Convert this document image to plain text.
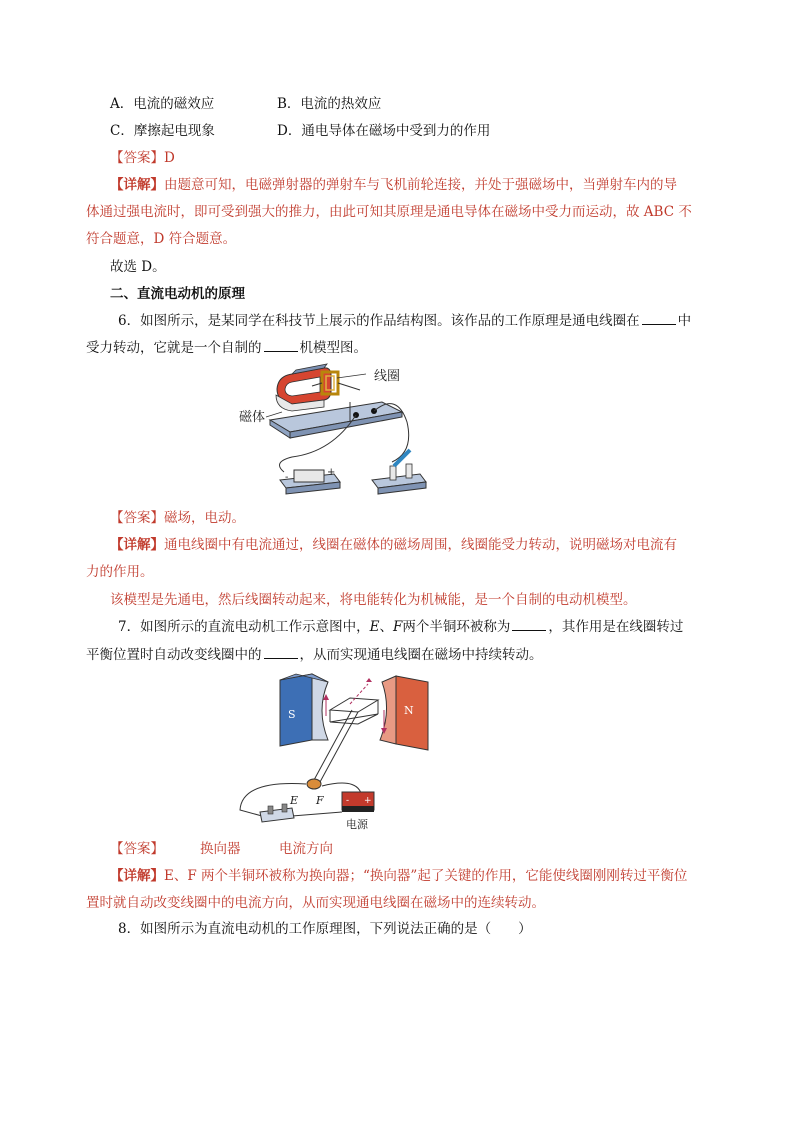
A．电流的磁效应	B．电流的热效应
C．摩擦起电现象	D．通电导体在磁场中受到力的作用
【答案】D
【详解】由题意可知，电磁弹射器的弹射车与飞机前轮连接，并处于强磁场中，当弹射车内的导
体通过强电流时，即可受到强大的推力，由此可知其原理是通电导体在磁场中受力而运动，故 ABC 不
符合题意，D 符合题意。
故选 D。
二、直流电动机的原理
6．如图所示，是某同学在科技节上展示的作品结构图。该作品的工作原理是通电线圈在	中
受力转动，它就是一个自制的	机模型图。
线圈
磁体
-	+
【答案】磁场，电动。
【详解】通电线圈中有电流通过，线圈在磁体的磁场周围，线圈能受力转动，说明磁场对电流有
力的作用。
该模型是先通电，然后线圈转动起来，将电能转化为机械能，是一个自制的电动机模型。
7．如图所示的直流电动机工作示意图中，E、F两个半铜环被称为	，其作用是在线圈转过
平衡位置时自动改变线圈中的	，从而实现通电线圈在磁场中持续转动。
S	N
E F - +
电源
【答案】	换向器	电流方向
【详解】E、F 两个半铜环被称为换向器；“换向器”起了关键的作用，它能使线圈刚刚转过平衡位
置时就自动改变线圈中的电流方向，从而实现通电线圈在磁场中的连续转动。
8．如图所示为直流电动机的工作原理图，下列说法正确的是（　　）
